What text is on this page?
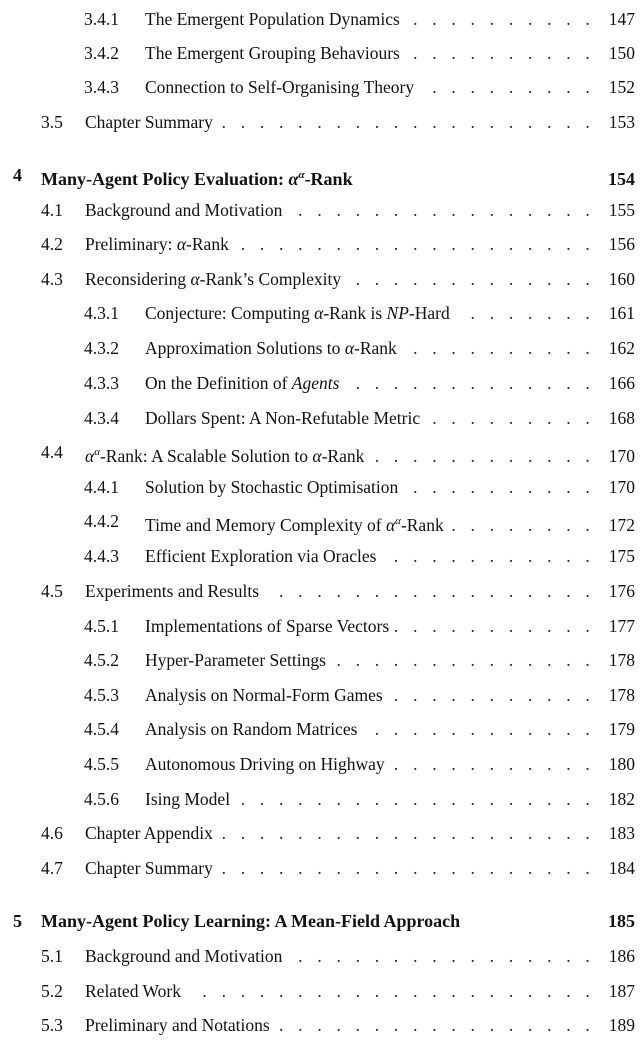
3.4.1 The Emergent Population Dynamics . . .	147
3.4.2 The Emergent Grouping Behaviours . . .	150
3.4.3 Connection to Self-Organising Theory . . .	152
3.5 Chapter Summary . . .	153
4 Many-Agent Policy Evaluation: $\alpha^\alpha$-Rank	154
4.1 Background and Motivation . . .	155
4.2 Preliminary: α-Rank . . .	156
4.3 Reconsidering α-Rank’s Complexity . . .	160
4.3.1 Conjecture: Computing α-Rank is NP-Hard . . .	161
4.3.2 Approximation Solutions to α-Rank . . .	162
4.3.3 On the Definition of Agents . . .	166
4.3.4 Dollars Spent: A Non-Refutable Metric . . .	168
4.4 $\alpha^\alpha$-Rank: A Scalable Solution to α-Rank . . .	170
4.4.1 Solution by Stochastic Optimisation . . .	170
4.4.2 Time and Memory Complexity of $\alpha^\alpha$-Rank . . .	172
4.4.3 Efficient Exploration via Oracles . . .	175
4.5 Experiments and Results . . .	176
4.5.1 Implementations of Sparse Vectors . . .	177
4.5.2 Hyper-Parameter Settings . . .	178
4.5.3 Analysis on Normal-Form Games . . .	178
4.5.4 Analysis on Random Matrices . . .	179
4.5.5 Autonomous Driving on Highway . . .	180
4.5.6 Ising Model . . .	182
4.6 Chapter Appendix . . .	183
4.7 Chapter Summary . . .	184
5 Many-Agent Policy Learning: A Mean-Field Approach	185
5.1 Background and Motivation . . .	186
5.2 Related Work . . .	187
5.3 Preliminary and Notations . . .	189
